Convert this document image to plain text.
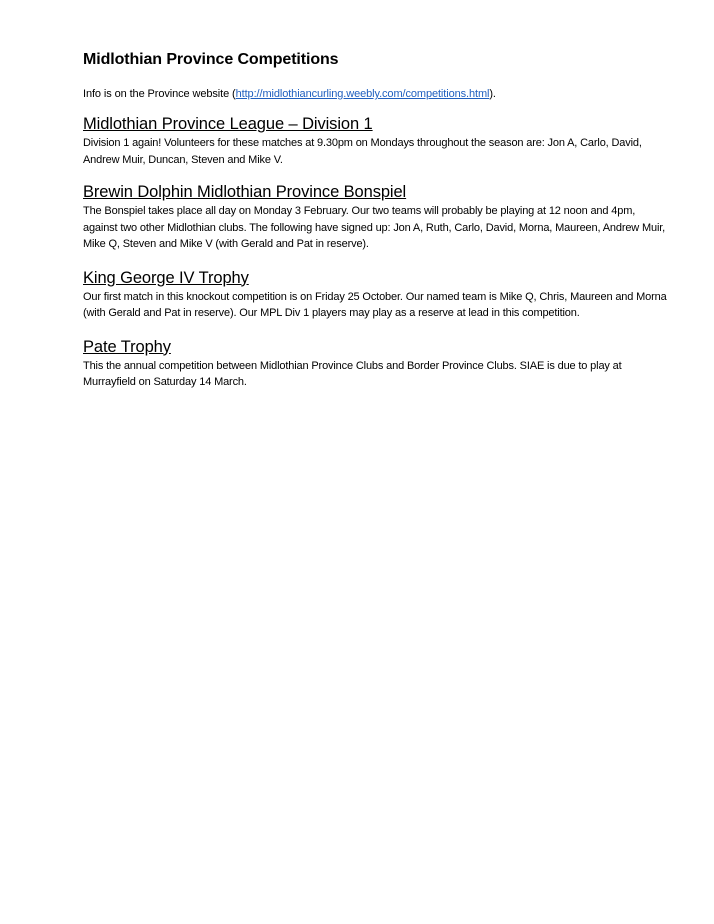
Midlothian Province Competitions

Info is on the Province website (http://midlothiancurling.weebly.com/competitions.html).

Midlothian Province League – Division 1

Division 1 again! Volunteers for these matches at 9.30pm on Mondays throughout the season are: Jon A, Carlo, David, Andrew Muir, Duncan, Steven and Mike V.

Brewin Dolphin Midlothian Province Bonspiel

The Bonspiel takes place all day on Monday 3 February. Our two teams will probably be playing at 12 noon and 4pm, against two other Midlothian clubs. The following have signed up: Jon A, Ruth, Carlo, David, Morna, Maureen, Andrew Muir, Mike Q, Steven and Mike V (with Gerald and Pat in reserve).

King George IV Trophy

Our first match in this knockout competition is on Friday 25 October. Our named team is Mike Q, Chris, Maureen and Morna (with Gerald and Pat in reserve). Our MPL Div 1 players may play as a reserve at lead in this competition.

Pate Trophy

This the annual competition between Midlothian Province Clubs and Border Province Clubs. SIAE is due to play at Murrayfield on Saturday 14 March.
